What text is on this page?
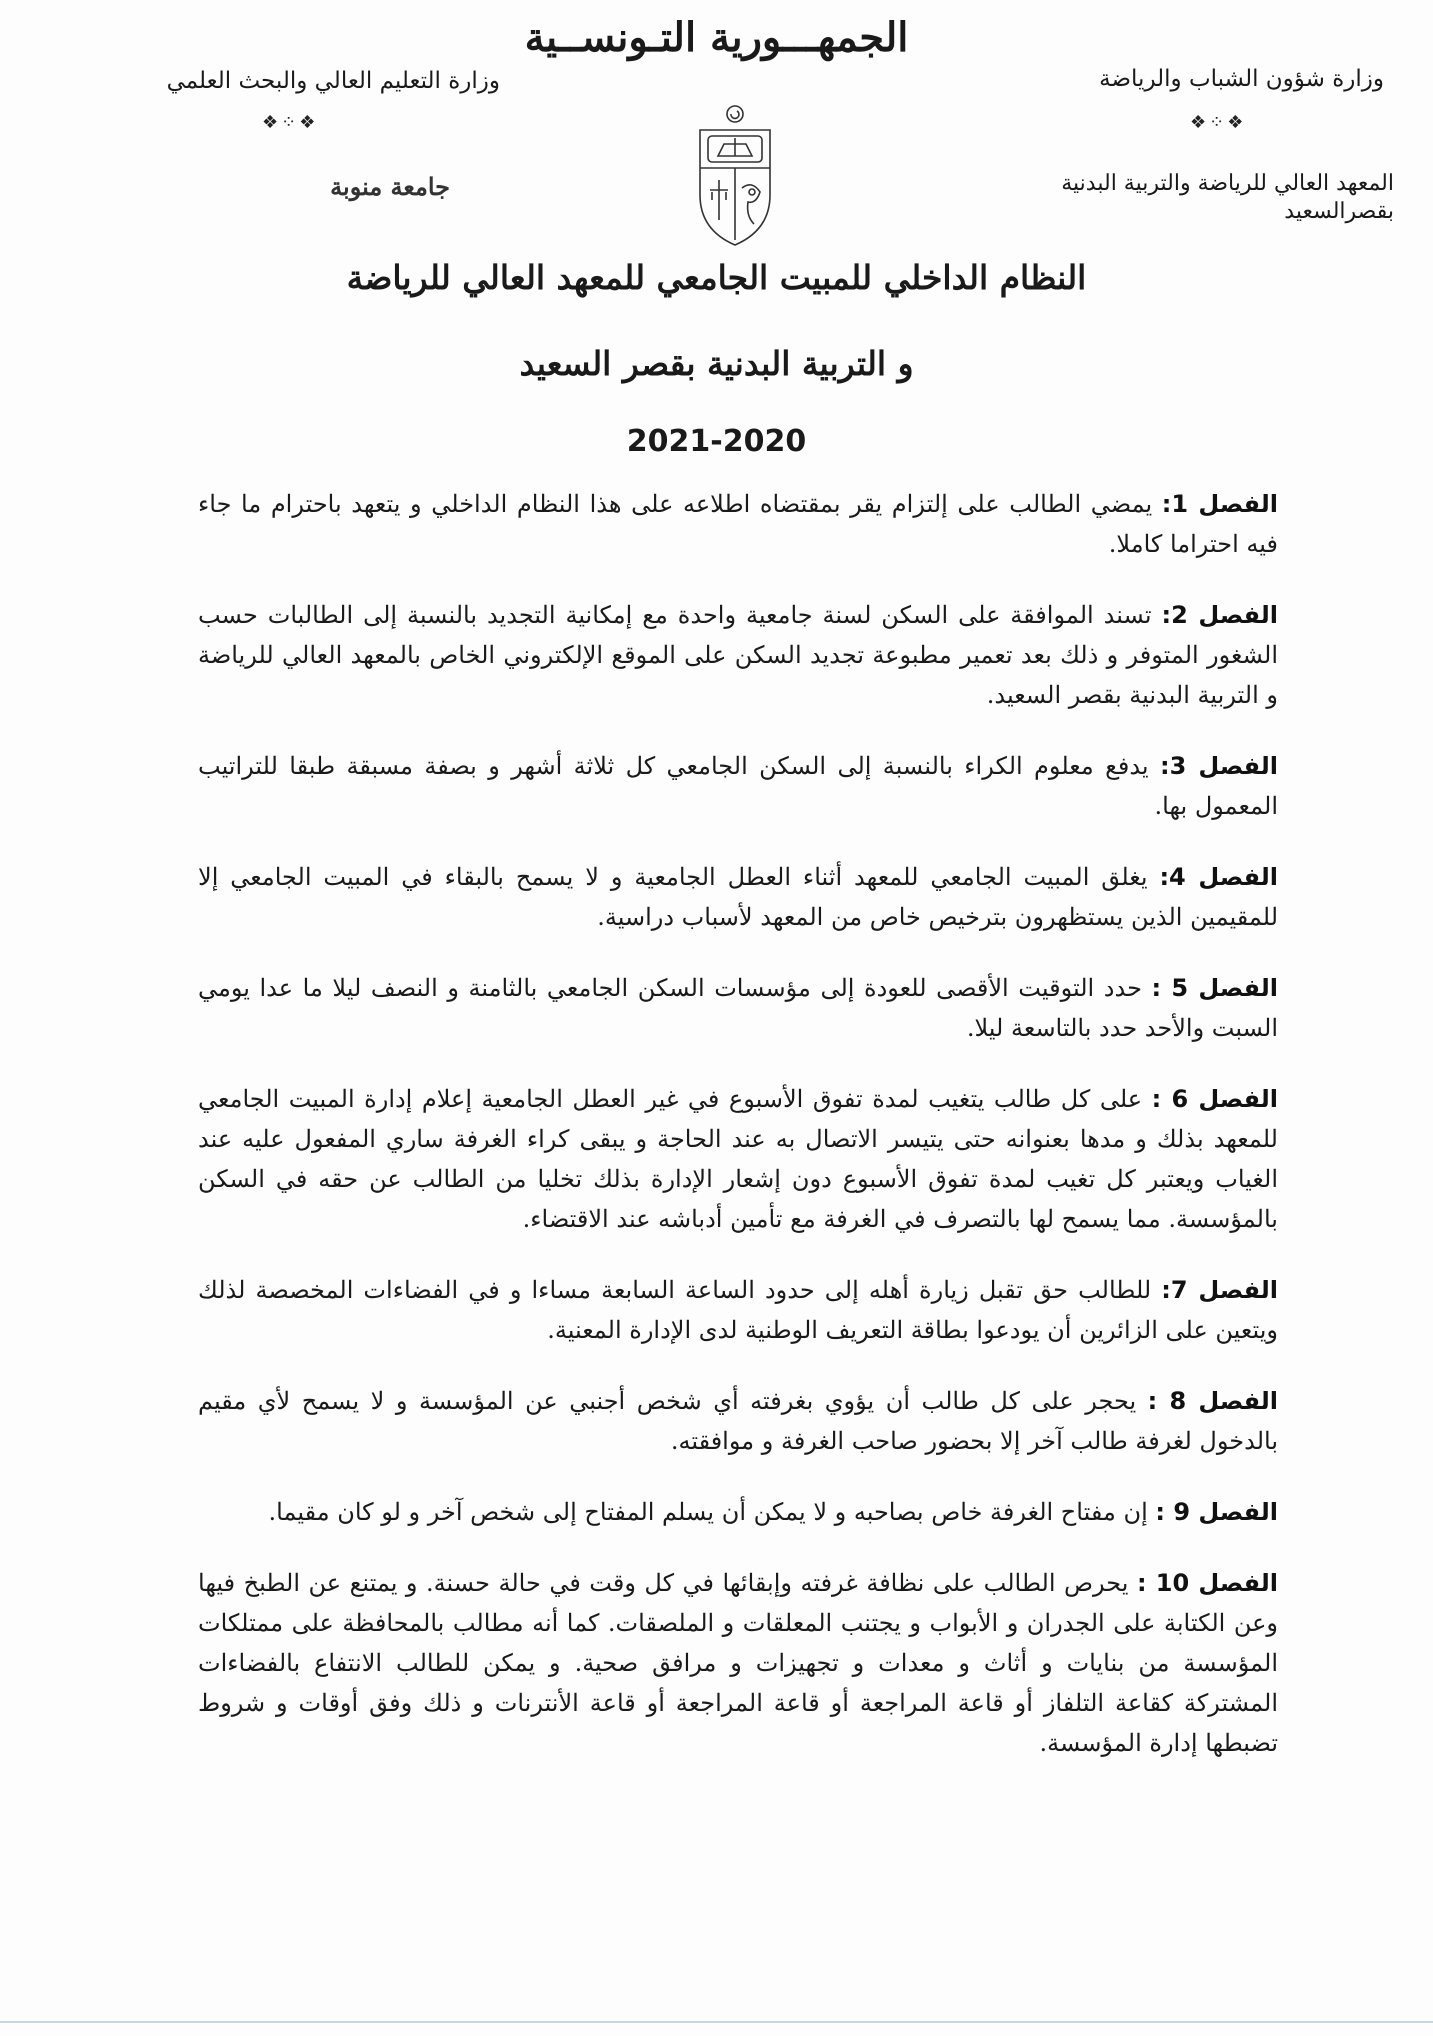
الجمهـــورية التـونســية
وزارة التعليم العالي والبحث العلمي	وزارة شؤون الشباب والرياضة
❖⁘❖	❖⁘❖
جامعة منوبة	المعهد العالي للرياضة والتربية البدنية
بقصرالسعيد
النظام الداخلي للمبيت الجامعي للمعهد العالي للرياضة
و التربية البدنية بقصر السعيد
2021-2020

الفصل 1: يمضي الطالب على إلتزام يقر بمقتضاه اطلاعه على هذا النظام الداخلي و يتعهد باحترام ما جاء فيه احتراما كاملا.

الفصل 2: تسند الموافقة على السكن لسنة جامعية واحدة مع إمكانية التجديد بالنسبة إلى الطالبات حسب الشغور المتوفر و ذلك بعد تعمير مطبوعة تجديد السكن على الموقع الإلكتروني الخاص بالمعهد العالي للرياضة و التربية البدنية بقصر السعيد.

الفصل 3: يدفع معلوم الكراء بالنسبة إلى السكن الجامعي كل ثلاثة أشهر و بصفة مسبقة طبقا للتراتيب المعمول بها.

الفصل 4: يغلق المبيت الجامعي للمعهد أثناء العطل الجامعية و لا يسمح بالبقاء في المبيت الجامعي إلا للمقيمين الذين يستظهرون بترخيص خاص من المعهد لأسباب دراسية.

الفصل 5 : حدد التوقيت الأقصى للعودة إلى مؤسسات السكن الجامعي بالثامنة و النصف ليلا ما عدا يومي السبت والأحد حدد بالتاسعة ليلا.

الفصل 6 : على كل طالب يتغيب لمدة تفوق الأسبوع في غير العطل الجامعية إعلام إدارة المبيت الجامعي للمعهد بذلك و مدها بعنوانه حتى يتيسر الاتصال به عند الحاجة و يبقى كراء الغرفة ساري المفعول عليه عند الغياب ويعتبر كل تغيب لمدة تفوق الأسبوع دون إشعار الإدارة بذلك تخليا من الطالب عن حقه في السكن بالمؤسسة. مما يسمح لها بالتصرف في الغرفة مع تأمين أدباشه عند الاقتضاء.

الفصل 7: للطالب حق تقبل زيارة أهله إلى حدود الساعة السابعة مساءا و في الفضاءات المخصصة لذلك ويتعين على الزائرين أن يودعوا بطاقة التعريف الوطنية لدى الإدارة المعنية.

الفصل 8 : يحجر على كل طالب أن يؤوي بغرفته أي شخص أجنبي عن المؤسسة و لا يسمح لأي مقيم بالدخول لغرفة طالب آخر إلا بحضور صاحب الغرفة و موافقته.

الفصل 9 : إن مفتاح الغرفة خاص بصاحبه و لا يمكن أن يسلم المفتاح إلى شخص آخر و لو كان مقيما.

الفصل 10 : يحرص الطالب على نظافة غرفته وإبقائها في كل وقت في حالة حسنة. و يمتنع عن الطبخ فيها وعن الكتابة على الجدران و الأبواب و يجتنب المعلقات و الملصقات. كما أنه مطالب بالمحافظة على ممتلكات المؤسسة من بنايات و أثاث و معدات و تجهيزات و مرافق صحية. و يمكن للطالب الانتفاع بالفضاءات المشتركة كقاعة التلفاز أو قاعة المراجعة أو قاعة المراجعة أو قاعة الأنترنات و ذلك وفق أوقات و شروط تضبطها إدارة المؤسسة.
